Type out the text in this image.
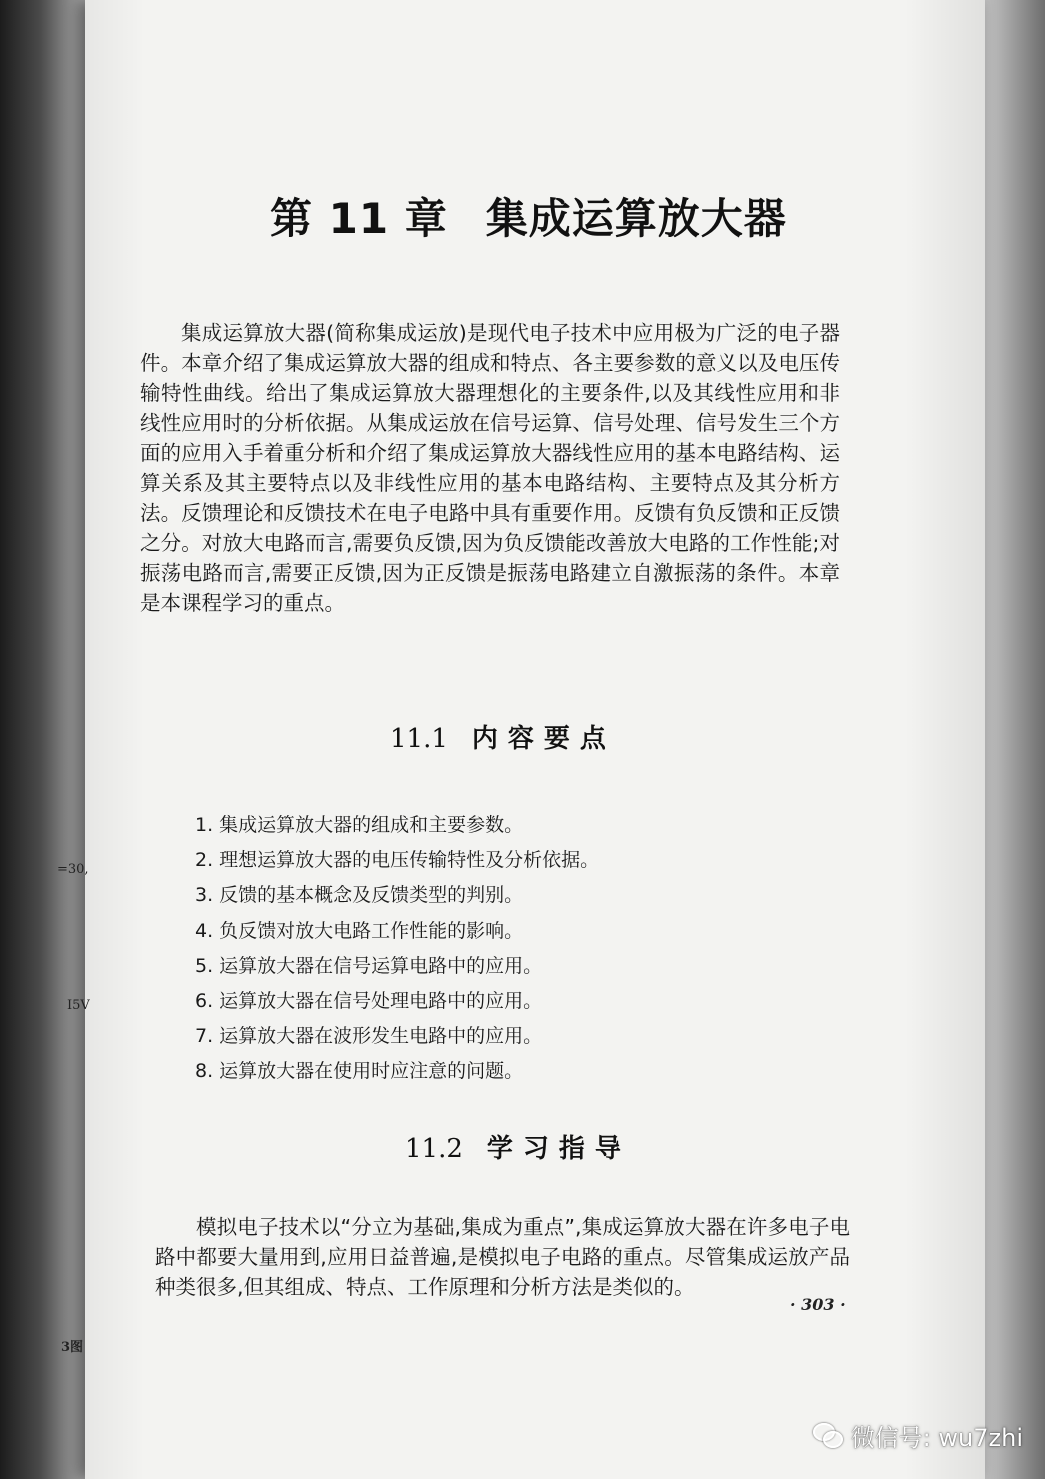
=30,
I5V
3图
第 11 章 集成运算放大器

集成运算放大器(简称集成运放)是现代电子技术中应用极为广泛的电子器件。本章介绍了集成运算放大器的组成和特点、各主要参数的意义以及电压传输特性曲线。给出了集成运算放大器理想化的主要条件,以及其线性应用和非线性应用时的分析依据。从集成运放在信号运算、信号处理、信号发生三个方面的应用入手着重分析和介绍了集成运算放大器线性应用的基本电路结构、运算关系及其主要特点以及非线性应用的基本电路结构、主要特点及其分析方法。反馈理论和反馈技术在电子电路中具有重要作用。反馈有负反馈和正反馈之分。对放大电路而言,需要负反馈,因为负反馈能改善放大电路的工作性能;对振荡电路而言,需要正反馈,因为正反馈是振荡电路建立自激振荡的条件。本章是本课程学习的重点。

11.1 内容要点
1. 集成运算放大器的组成和主要参数。
2. 理想运算放大器的电压传输特性及分析依据。
3. 反馈的基本概念及反馈类型的判别。
4. 负反馈对放大电路工作性能的影响。
5. 运算放大器在信号运算电路中的应用。
6. 运算放大器在信号处理电路中的应用。
7. 运算放大器在波形发生电路中的应用。
8. 运算放大器在使用时应注意的问题。
11.2 学习指导

模拟电子技术以“分立为基础,集成为重点”,集成运算放大器在许多电子电路中都要大量用到,应用日益普遍,是模拟电子电路的重点。尽管集成运放产品种类很多,但其组成、特点、工作原理和分析方法是类似的。

· 303 ·
微信号: wu7zhi
